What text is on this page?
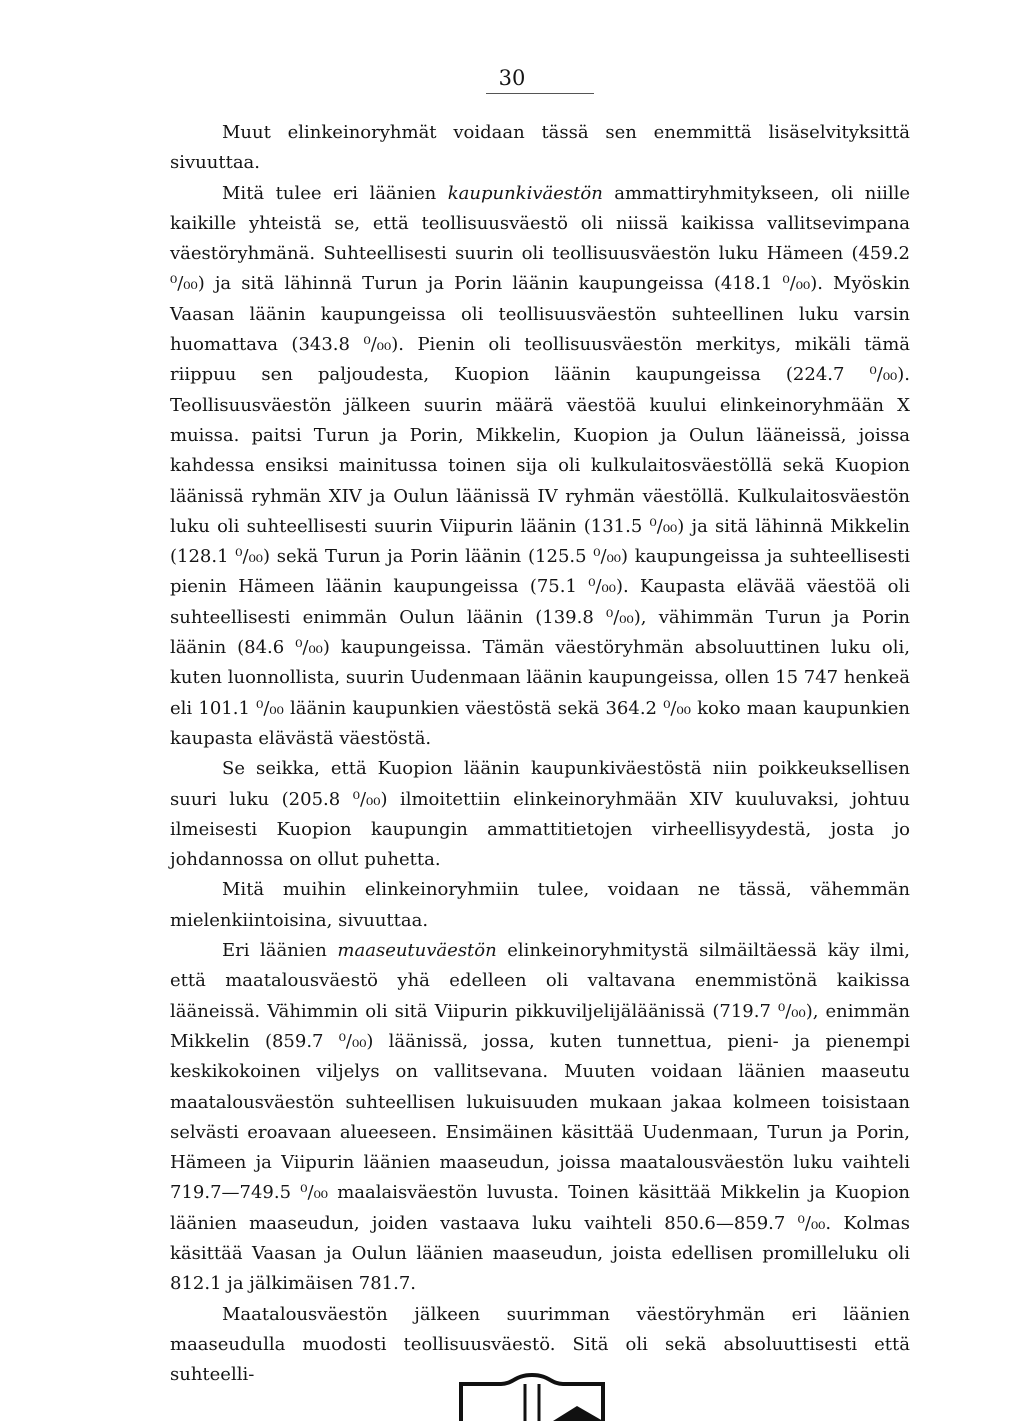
30

Muut elinkeinoryhmät voidaan tässä sen enemmittä lisäselvityksittä sivuuttaa.

Mitä tulee eri läänien kaupunkiväestön ammattiryhmitykseen, oli niille kaikille yhteistä se, että teollisuusväestö oli niissä kaikissa vallitsevimpana väestöryhmänä. Suhteellisesti suurin oli teollisuusväestön luku Hämeen (459.2 ⁰/₀₀) ja sitä lähinnä Turun ja Porin läänin kaupungeissa (418.1 ⁰/₀₀). Myöskin Vaasan läänin kaupungeissa oli teollisuusväestön suhteellinen luku varsin huomattava (343.8 ⁰/₀₀). Pienin oli teollisuusväestön merkitys, mikäli tämä riippuu sen paljoudesta, Kuopion läänin kaupungeissa (224.7 ⁰/₀₀). Teollisuusväestön jälkeen suurin määrä väestöä kuului elinkeinoryhmään X muissa. paitsi Turun ja Porin, Mikkelin, Kuopion ja Oulun lääneissä, joissa kahdessa ensiksi mainitussa toinen sija oli kulkulaitosväestöllä sekä Kuopion läänissä ryhmän XIV ja Oulun läänissä IV ryhmän väestöllä. Kulkulaitosväestön luku oli suhteellisesti suurin Viipurin läänin (131.5 ⁰/₀₀) ja sitä lähinnä Mikkelin (128.1 ⁰/₀₀) sekä Turun ja Porin läänin (125.5 ⁰/₀₀) kaupungeissa ja suhteellisesti pienin Hämeen läänin kaupungeissa (75.1 ⁰/₀₀). Kaupasta elävää väestöä oli suhteellisesti enimmän Oulun läänin (139.8 ⁰/₀₀), vähimmän Turun ja Porin läänin (84.6 ⁰/₀₀) kaupungeissa. Tämän väestöryhmän absoluuttinen luku oli, kuten luonnollista, suurin Uudenmaan läänin kaupungeissa, ollen 15 747 henkeä eli 101.1 ⁰/₀₀ läänin kaupunkien väestöstä sekä 364.2 ⁰/₀₀ koko maan kaupunkien kaupasta elävästä väestöstä.

Se seikka, että Kuopion läänin kaupunkiväestöstä niin poikkeuksellisen suuri luku (205.8 ⁰/₀₀) ilmoitettiin elinkeinoryhmään XIV kuuluvaksi, johtuu ilmeisesti Kuopion kaupungin ammattitietojen virheellisyydestä, josta jo johdannossa on ollut puhetta.

Mitä muihin elinkeinoryhmiin tulee, voidaan ne tässä, vähemmän mielenkiintoisina, sivuuttaa.

Eri läänien maaseutuväestön elinkeinoryhmitystä silmäiltäessä käy ilmi, että maatalousväestö yhä edelleen oli valtavana enemmistönä kaikissa lääneissä. Vähimmin oli sitä Viipurin pikkuviljelijäläänissä (719.7 ⁰/₀₀), enimmän Mikkelin (859.7 ⁰/₀₀) läänissä, jossa, kuten tunnettua, pieni- ja pienempi keskikokoinen viljelys on vallitsevana. Muuten voidaan läänien maaseutu maatalousväestön suhteellisen lukuisuuden mukaan jakaa kolmeen toisistaan selvästi eroavaan alueeseen. Ensimäinen käsittää Uudenmaan, Turun ja Porin, Hämeen ja Viipurin läänien maaseudun, joissa maatalousväestön luku vaihteli 719.7—749.5 ⁰/₀₀ maalaisväestön luvusta. Toinen käsittää Mikkelin ja Kuopion läänien maaseudun, joiden vastaava luku vaihteli 850.6—859.7 ⁰/₀₀. Kolmas käsittää Vaasan ja Oulun läänien maaseudun, joista edellisen promilleluku oli 812.1 ja jälkimäisen 781.7.

Maatalousväestön jälkeen suurimman väestöryhmän eri läänien maaseudulla muodosti teollisuusväestö. Sitä oli sekä absoluuttisesti että suhteelli-
